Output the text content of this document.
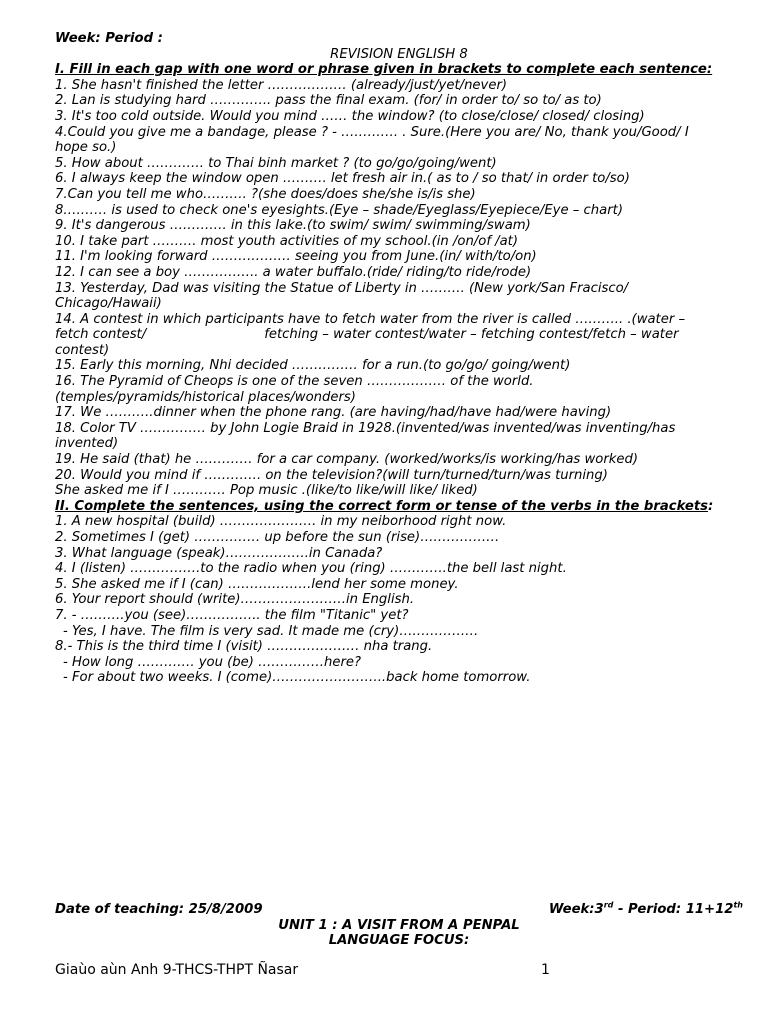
Week: Period :
REVISION ENGLISH 8
I. Fill in each gap with one word or phrase given in brackets to complete each sentence:
1. She hasn't finished the letter ……………… (already/just/yet/never)
2. Lan is studying hard ………….. pass the final exam. (for/ in order to/ so to/ as to)
3. It's too cold outside. Would you mind …… the window? (to close/close/ closed/ closing)
4.Could you give me a bandage, please ? - …………. . Sure.(Here you are/ No, thank you/Good/ I
hope so.)
5. How about …………. to Thai binh market ? (to go/go/going/went)
6. I always keep the window open ………. let fresh air in.( as to / so that/ in order to/so)
7.Can you tell me who………. ?(she does/does she/she is/is she)
8.……… is used to check one's eyesights.(Eye – shade/Eyeglass/Eyepiece/Eye – chart)
9. It's dangerous …………. in this lake.(to swim/ swim/ swimming/swam)
10. I take part ………. most youth activities of my school.(in /on/of /at)
11. I'm looking forward ……………… seeing you from June.(in/ with/to/on)
12. I can see a boy …………….. a water buffalo.(ride/ riding/to ride/rode)
13. Yesterday, Dad was visiting the Statue of Liberty in ………. (New york/San Fracisco/
Chicago/Hawaii)
14. A contest in which participants have to fetch water from the river is called ……….. .(water –
fetch contest/	fetching – water contest/water – fetching contest/fetch – water
contest)
15. Early this morning, Nhi decided …………… for a run.(to go/go/ going/went)
16. The Pyramid of Cheops is one of the seven ……………… of the world.
(temples/pyramids/historical places/wonders)
17. We ………..dinner when the phone rang. (are having/had/have had/were having)
18. Color TV …………… by John Logie Braid in 1928.(invented/was invented/was inventing/has
invented)
19. He said (that) he …………. for a car company. (worked/works/is working/has worked)
20. Would you mind if …………. on the television?(will turn/turned/turn/was turning)
She asked me if I ………… Pop music .(like/to like/will like/ liked)
II. Complete the sentences, using the correct form or tense of the verbs in the brackets:
1. A new hospital (build) …………………. in my neiborhood right now.
2. Sometimes I (get) …………… up before the sun (rise)………………
3. What language (speak)……………….in Canada?
4. I (listen) …………….to the radio when you (ring) ………….the bell last night.
5. She asked me if I (can) ……………….lend her some money.
6. Your report should (write)……………………in English.
7. - ……….you (see)…………….. the film "Titanic" yet?
- Yes, I have. The film is very sad. It made me (cry)………………
8.- This is the third time I (visit) ………………… nha trang.
- How long …………. you (be) ……………here?
- For about two weeks. I (come)……………………..back home tomorrow.
Date of teaching: 25/8/2009	Week:3rd - Period: 11+12th
UNIT 1 : A VISIT FROM A PENPAL
LANGUAGE FOCUS:
Giaùo aùn Anh 9-THCS-THPT Ñasar	1
